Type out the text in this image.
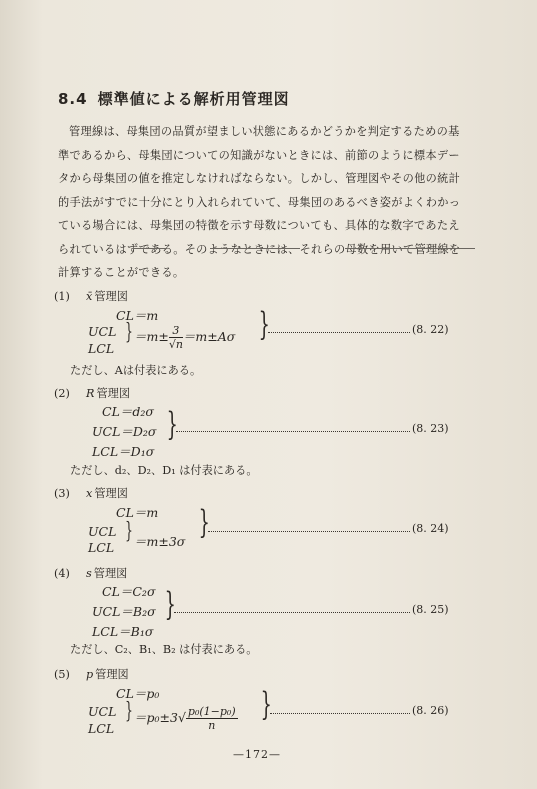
8.4 標準値による解析用管理図
管理線は、母集団の品質が望ましい状態にあるかどうかを判定するための基
準であるから、母集団についての知識がないときには、前節のように標本デー
タから母集団の値を推定しなければならない。しかし、管理図やその他の統計
的手法がすでに十分にとり入れられていて、母集団のあるべき姿がよくわかっ
ている場合には、母集団の特徴を示す母数についても、具体的な数字であたえ
られているはずである。そのようなときには、それらの母数を用いて管理線を
計算することができる。
(1) x̄ 管理図
CL＝m
UCL
LCL
} $=m\pm \frac{3}{√n} =m\pm A\sigma$ }	(8. 22)
ただし、Aは付表にある。
(2) R 管理図
CL＝d₂σ
UCL＝D₂σ
LCL＝D₁σ
}	(8. 23)
ただし、d₂、D₂、D₁ は付表にある。
(3) x 管理図
CL＝m
UCL
LCL
} ＝m±3σ
}	(8. 24)
(4) s 管理図
CL＝C₂σ
UCL＝B₂σ
LCL＝B₁σ
}	(8. 25)
ただし、C₂、B₁、B₂ は付表にある。
(5) p 管理図
CL＝p₀
UCL
LCL
} $=p_0\pm 3√ \frac{\text{p₀(1−p₀)}}{n}$ }	(8. 26)
—172—
